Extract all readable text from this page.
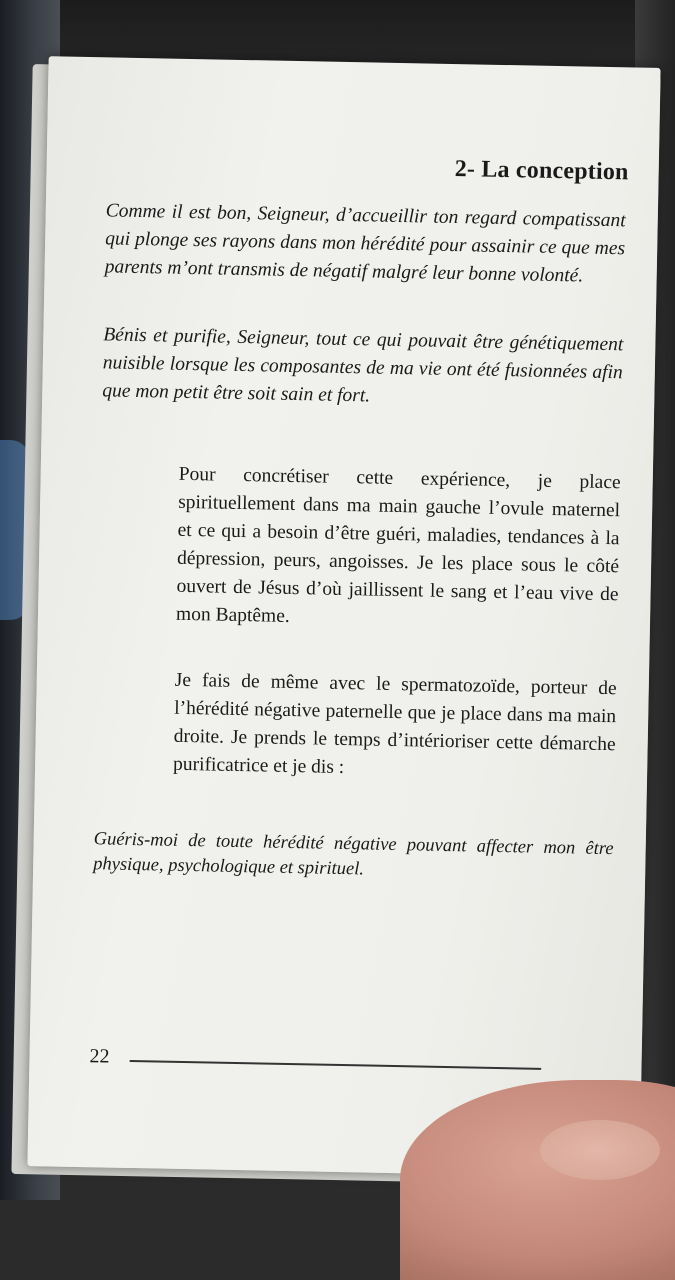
2- La conception

Comme il est bon, Seigneur, d’accueillir ton regard compatissant qui plonge ses rayons dans mon hérédité pour assainir ce que mes parents m’ont transmis de négatif malgré leur bonne volonté.

Bénis et purifie, Seigneur, tout ce qui pouvait être génétiquement nuisible lorsque les composantes de ma vie ont été fusionnées afin que mon petit être soit sain et fort.

Pour concrétiser cette expérience, je place spirituellement dans ma main gauche l’ovule maternel et ce qui a besoin d’être guéri, maladies, tendances à la dépression, peurs, angoisses. Je les place sous le côté ouvert de Jésus d’où jaillissent le sang et l’eau vive de mon Baptême.

Je fais de même avec le spermatozoïde, porteur de l’hérédité négative paternelle que je place dans ma main droite. Je prends le temps d’intérioriser cette démarche purificatrice et je dis :

Guéris-moi de toute hérédité négative pouvant affecter mon être physique, psychologique et spirituel.

22
